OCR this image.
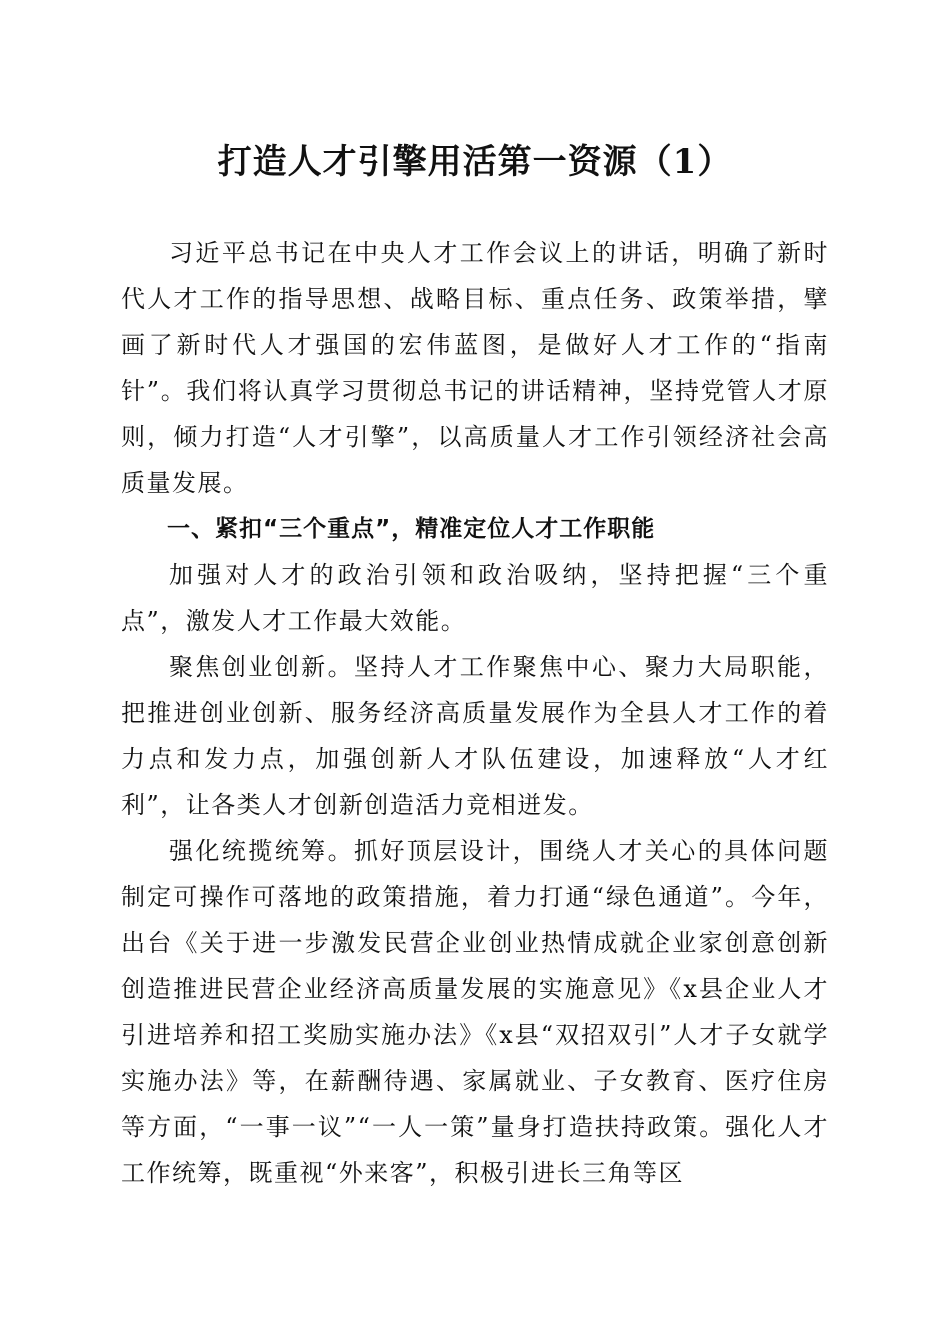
打造人才引擎用活第一资源（1）

习近平总书记在中央人才工作会议上的讲话，明确了新时代人才工作的指导思想、战略目标、重点任务、政策举措，擘画了新时代人才强国的宏伟蓝图，是做好人才工作的“指南针”。我们将认真学习贯彻总书记的讲话精神，坚持党管人才原则，倾力打造“人才引擎”，以高质量人才工作引领经济社会高质量发展。

一、紧扣“三个重点”，精准定位人才工作职能

加强对人才的政治引领和政治吸纳，坚持把握“三个重点”，激发人才工作最大效能。

聚焦创业创新。坚持人才工作聚焦中心、聚力大局职能，把推进创业创新、服务经济高质量发展作为全县人才工作的着力点和发力点，加强创新人才队伍建设，加速释放“人才红利”，让各类人才创新创造活力竞相迸发。

强化统揽统筹。抓好顶层设计，围绕人才关心的具体问题制定可操作可落地的政策措施，着力打通“绿色通道”。今年，出台《关于进一步激发民营企业创业热情成就企业家创意创新创造推进民营企业经济高质量发展的实施意见》《x县企业人才引进培养和招工奖励实施办法》《x县“双招双引”人才子女就学实施办法》等，在薪酬待遇、家属就业、子女教育、医疗住房等方面，“一事一议”“一人一策”量身打造扶持政策。强化人才工作统筹，既重视“外来客”，积极引进长三角等区
